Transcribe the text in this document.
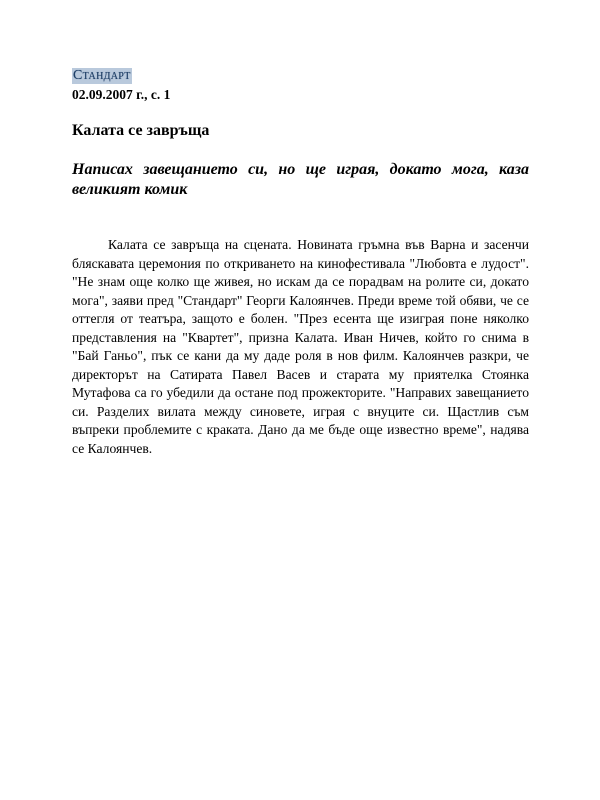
Стандарт
02.09.2007 г., с. 1
Калата се завръща
Написах завещанието си, но ще играя, докато мога, каза великият комик
Калата се завръща на сцената. Новината гръмна във Варна и засенчи бляскавата церемония по откриването на кинофестивала "Любовта е лудост". "Не знам още колко ще живея, но искам да се порадвам на ролите си, докато мога", заяви пред "Стандарт" Георги Калоянчев. Преди време той обяви, че се оттегля от театъра, защото е болен. "През есента ще изиграя поне няколко представления на "Квартет", призна Калата. Иван Ничев, който го снима в "Бай Ганьо", пък се кани да му даде роля в нов филм. Калоянчев разкри, че директорът на Сатирата Павел Васев и старата му приятелка Стоянка Мутафова са го убедили да остане под прожекторите. "Направих завещанието си. Разделих вилата между синовете, играя с внуците си. Щастлив съм въпреки проблемите с краката. Дано да ме бъде още известно време", надява се Калоянчев.
